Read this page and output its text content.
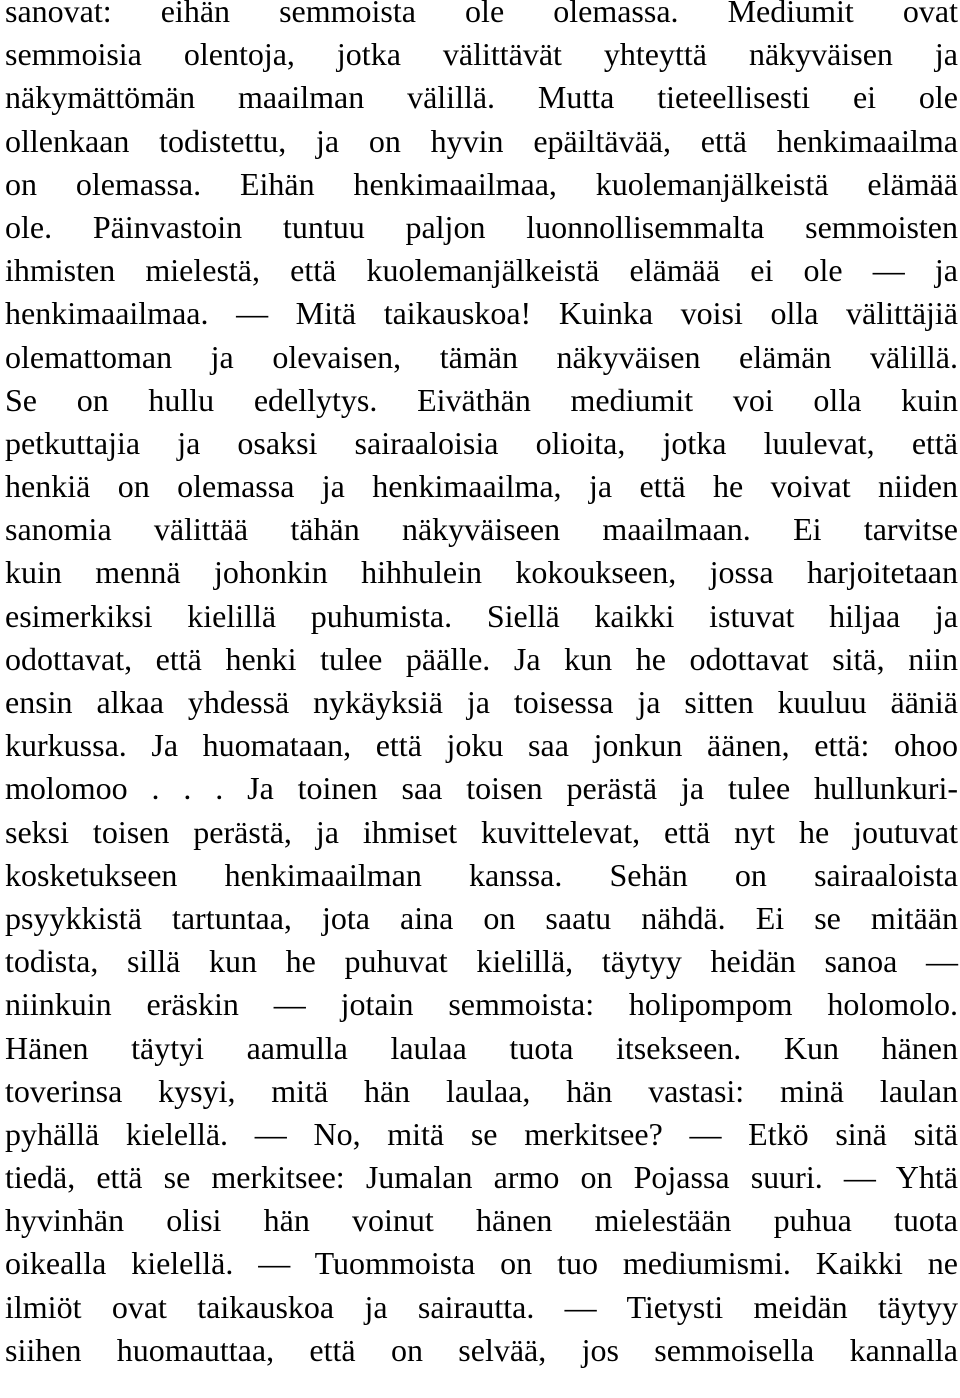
sanovat: eihän semmoista ole olemassa. Mediumit ovat
semmoisia olentoja, jotka välittävät yhteyttä näkyväisen ja
näkymättömän maailman välillä. Mutta tieteellisesti ei ole
ollenkaan todistettu, ja on hyvin epäiltävää, että henkimaailma
on olemassa. Eihän henkimaailmaa, kuolemanjälkeistä elämää
ole. Päinvastoin tuntuu paljon luonnollisemmalta semmoisten
ihmisten mielestä, että kuolemanjälkeistä elämää ei ole — ja
henkimaailmaa. — Mitä taikauskoa! Kuinka voisi olla välittäjiä
olemattoman ja olevaisen, tämän näkyväisen elämän välillä.
Se on hullu edellytys. Eiväthän mediumit voi olla kuin
petkuttajia ja osaksi sairaaloisia olioita, jotka luulevat, että
henkiä on olemassa ja henkimaailma, ja että he voivat niiden
sanomia välittää tähän näkyväiseen maailmaan. Ei tarvitse
kuin mennä johonkin hihhulein kokoukseen, jossa harjoitetaan
esimerkiksi kielillä puhumista. Siellä kaikki istuvat hiljaa ja
odottavat, että henki tulee päälle. Ja kun he odottavat sitä, niin
ensin alkaa yhdessä nykäyksiä ja toisessa ja sitten kuuluu ääniä
kurkussa. Ja huomataan, että joku saa jonkun äänen, että: ohoo
molomoo . . . Ja toinen saa toisen perästä ja tulee hullunkuri-
seksi toisen perästä, ja ihmiset kuvittelevat, että nyt he joutuvat
kosketukseen henkimaailman kanssa. Sehän on sairaaloista
psyykkistä tartuntaa, jota aina on saatu nähdä. Ei se mitään
todista, sillä kun he puhuvat kielillä, täytyy heidän sanoa —
niinkuin eräskin — jotain semmoista: holipompom holomolo.
Hänen täytyi aamulla laulaa tuota itsekseen. Kun hänen
toverinsa kysyi, mitä hän laulaa, hän vastasi: minä laulan
pyhällä kielellä. — No, mitä se merkitsee? — Etkö sinä sitä
tiedä, että se merkitsee: Jumalan armo on Pojassa suuri. — Yhtä
hyvinhän olisi hän voinut hänen mielestään puhua tuota
oikealla kielellä. — Tuommoista on tuo mediumismi. Kaikki ne
ilmiöt ovat taikauskoa ja sairautta. — Tietysti meidän täytyy
siihen huomauttaa, että on selvää, jos semmoisella kannalla
